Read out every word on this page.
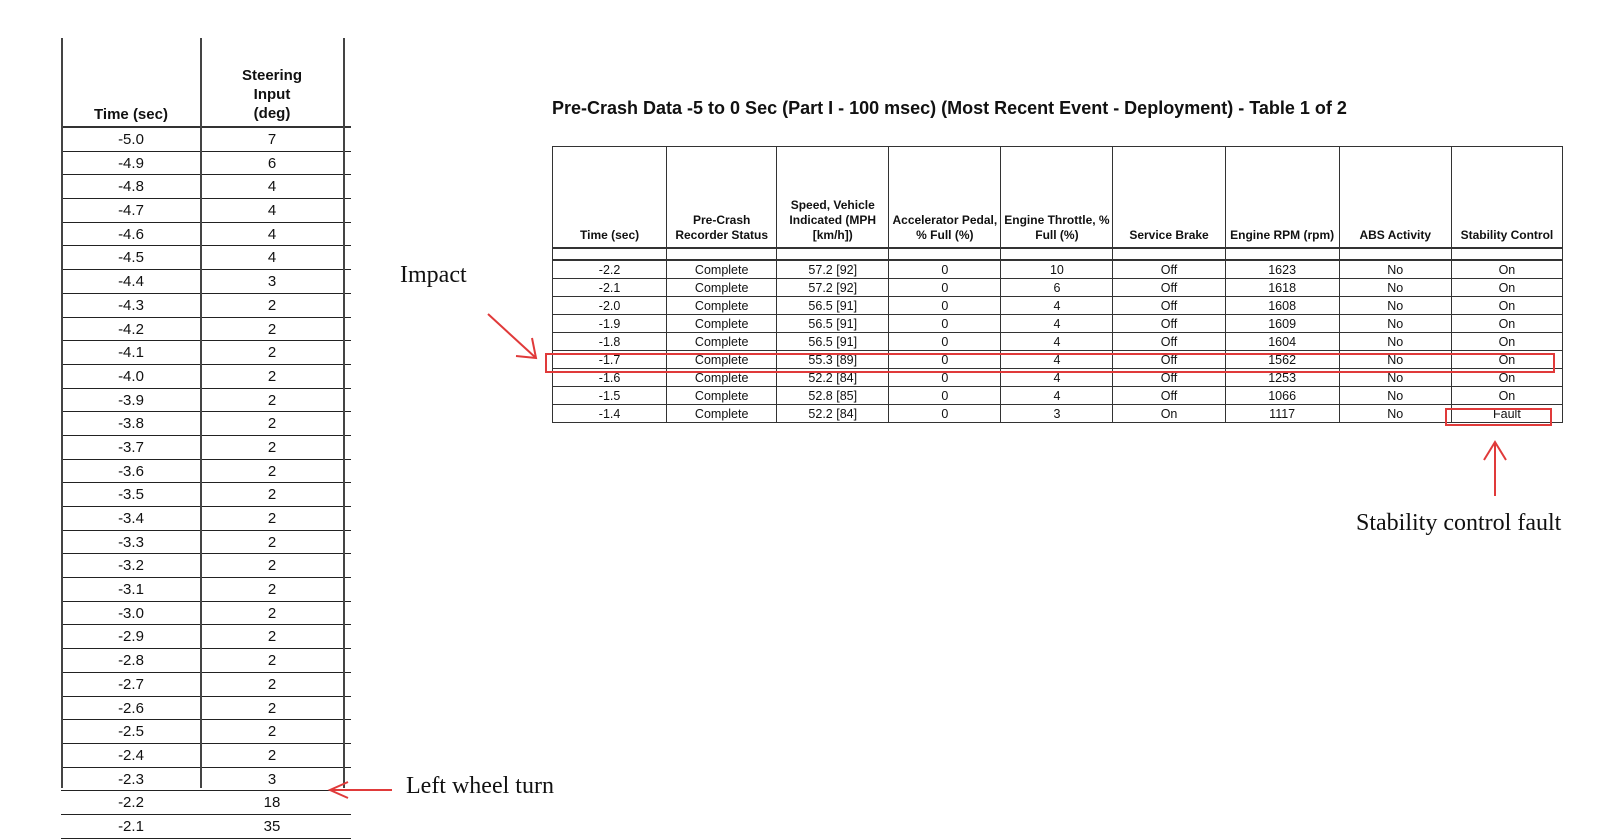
Time (sec)
Steering
Input
(deg)
-5.0	7
-4.9	6
-4.8	4
-4.7	4
-4.6	4
-4.5	4
-4.4	3
-4.3	2
-4.2	2
-4.1	2
-4.0	2
-3.9	2
-3.8	2
-3.7	2
-3.6	2
-3.5	2
-3.4	2
-3.3	2
-3.2	2
-3.1	2
-3.0	2
-2.9	2
-2.8	2
-2.7	2
-2.6	2
-2.5	2
-2.4	2
-2.3	3
-2.2	18
-2.1	35
Pre-Crash Data -5 to 0 Sec (Part I - 100 msec) (Most Recent Event - Deployment) - Table 1 of 2
Time (sec)	Pre-Crash Recorder Status	Speed, Vehicle Indicated (MPH [km/h])	Accelerator Pedal, % Full (%)	Engine Throttle, % Full (%)	Service Brake	Engine RPM (rpm)	ABS Activity	Stability Control

-2.2	Complete	57.2 [92]	0	10	Off	1623	No	On
-2.1	Complete	57.2 [92]	0	6	Off	1618	No	On
-2.0	Complete	56.5 [91]	0	4	Off	1608	No	On
-1.9	Complete	56.5 [91]	0	4	Off	1609	No	On
-1.8	Complete	56.5 [91]	0	4	Off	1604	No	On
-1.7	Complete	55.3 [89]	0	4	Off	1562	No	On
-1.6	Complete	52.2 [84]	0	4	Off	1253	No	On
-1.5	Complete	52.8 [85]	0	4	Off	1066	No	On
-1.4	Complete	52.2 [84]	0	3	On	1117	No	Fault
Impact
Stability control fault
Left wheel turn
